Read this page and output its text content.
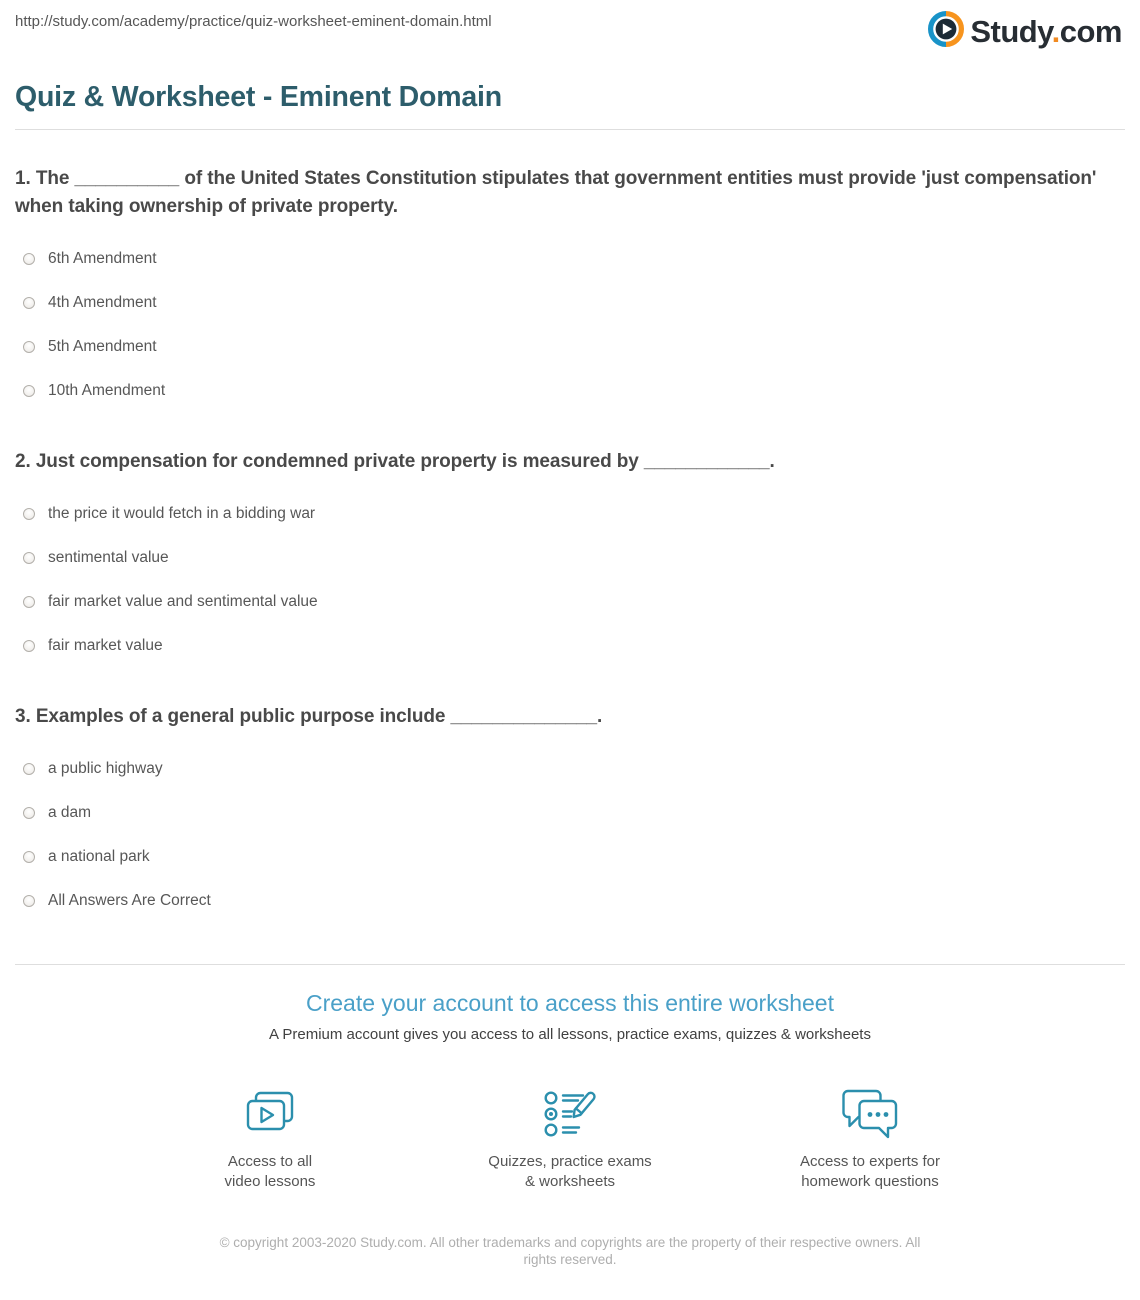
http://study.com/academy/practice/quiz-worksheet-eminent-domain.html	Study.com
Quiz & Worksheet - Eminent Domain
1. The __________ of the United States Constitution stipulates that government entities must provide 'just compensation' when taking ownership of private property.
6th Amendment
4th Amendment
5th Amendment
10th Amendment
2. Just compensation for condemned private property is measured by ____________.
the price it would fetch in a bidding war
sentimental value
fair market value and sentimental value
fair market value
3. Examples of a general public purpose include ______________.
a public highway
a dam
a national park
All Answers Are Correct
Create your account to access this entire worksheet
A Premium account gives you access to all lessons, practice exams, quizzes & worksheets
Access to all
video lessons
Quizzes, practice exams
& worksheets
Access to experts for
homework questions
© copyright 2003-2020 Study.com. All other trademarks and copyrights are the property of their respective owners. All rights reserved.
